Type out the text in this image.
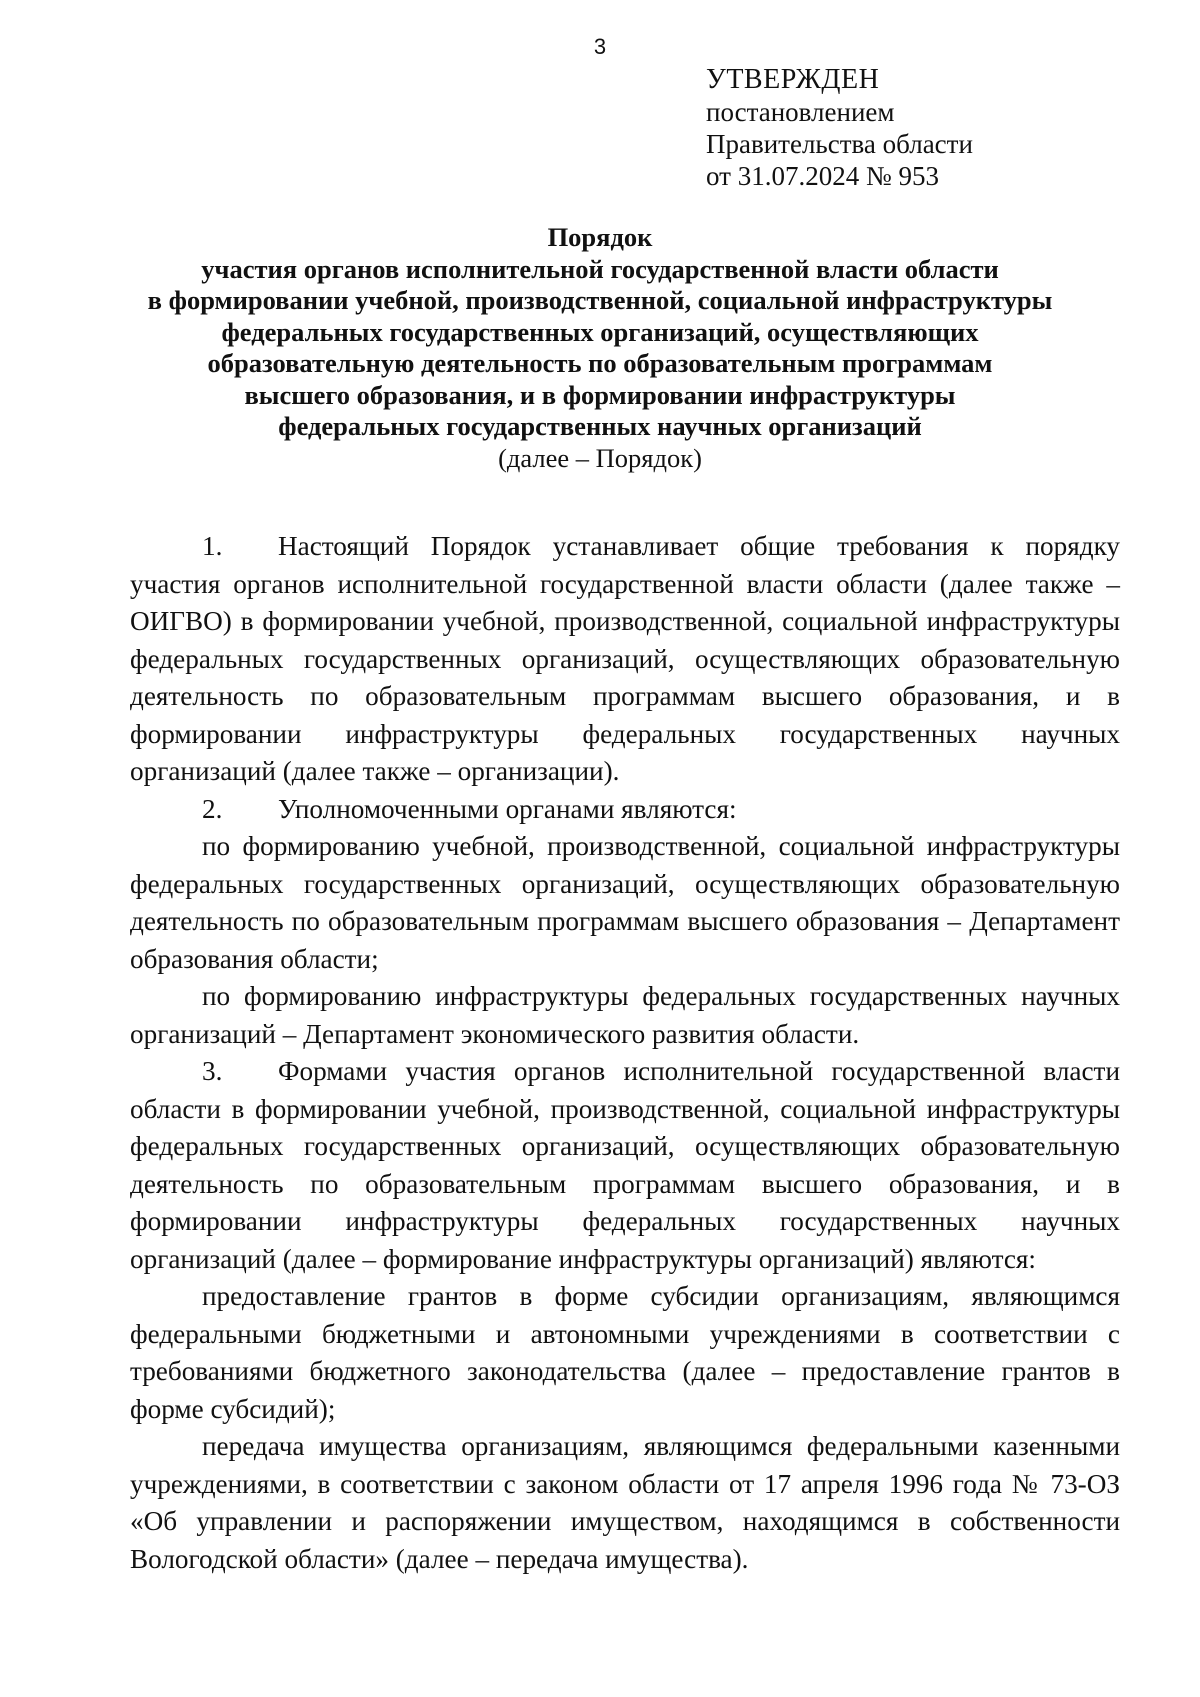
3
УТВЕРЖДЕН
постановлением
Правительства области
от 31.07.2024 № 953
Порядок
участия органов исполнительной государственной власти области
в формировании учебной, производственной, социальной инфраструктуры
федеральных государственных организаций, осуществляющих
образовательную деятельность по образовательным программам
высшего образования, и в формировании инфраструктуры
федеральных государственных научных организаций
(далее – Порядок)

1. Настоящий Порядок устанавливает общие требования к порядку участия органов исполнительной государственной власти области (далее также – ОИГВО) в формировании учебной, производственной, социальной инфраструктуры федеральных государственных организаций, осуществляющих образовательную деятельность по образовательным программам высшего образования, и в формировании инфраструктуры федеральных государственных научных организаций (далее также – организации).

2. Уполномоченными органами являются:

по формированию учебной, производственной, социальной инфраструктуры федеральных государственных организаций, осуществляющих образовательную деятельность по образовательным программам высшего образования – Департамент образования области;

по формированию инфраструктуры федеральных государственных научных организаций – Департамент экономического развития области.

3. Формами участия органов исполнительной государственной власти области в формировании учебной, производственной, социальной инфраструктуры федеральных государственных организаций, осуществляющих образовательную деятельность по образовательным программам высшего образования, и в формировании инфраструктуры федеральных государственных научных организаций (далее – формирование инфраструктуры организаций) являются:

предоставление грантов в форме субсидии организациям, являющимся федеральными бюджетными и автономными учреждениями в соответствии с требованиями бюджетного законодательства (далее – предоставление грантов в форме субсидий);

передача имущества организациям, являющимся федеральными казенными учреждениями, в соответствии с законом области от 17 апреля 1996 года № 73-ОЗ «Об управлении и распоряжении имуществом, находящимся в собственности Вологодской области» (далее – передача имущества).
